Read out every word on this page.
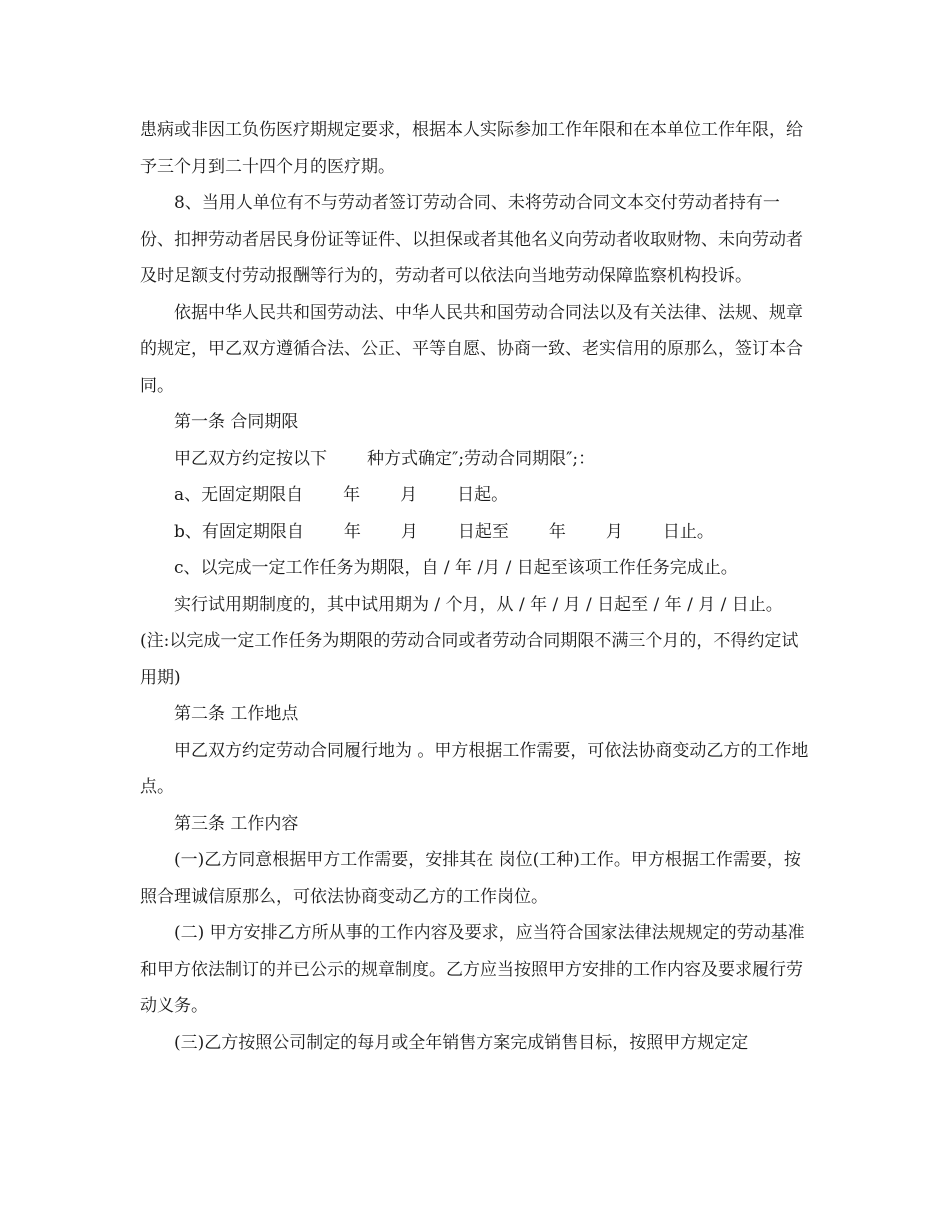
患病或非因工负伤医疗期规定要求，根据本人实际参加工作年限和在本单位工作年限，给予三个月到二十四个月的医疗期。

8、当用人单位有不与劳动者签订劳动合同、未将劳动合同文本交付劳动者持有一份、扣押劳动者居民身份证等证件、以担保或者其他名义向劳动者收取财物、未向劳动者及时足额支付劳动报酬等行为的，劳动者可以依法向当地劳动保障监察机构投诉。

依据中华人民共和国劳动法、中华人民共和国劳动合同法以及有关法律、法规、规章的规定，甲乙双方遵循合法、公正、平等自愿、协商一致、老实信用的原那么，签订本合同。

第一条 合同期限

甲乙双方约定按以下 种方式确定″;劳动合同期限″;：

a、无固定期限自 年 月 日起。

b、有固定期限自 年 月 日起至 年 月 日止。

c、以完成一定工作任务为期限，自 / 年 /月 / 日起至该项工作任务完成止。

实行试用期制度的，其中试用期为 / 个月，从 / 年 / 月 / 日起至 / 年 / 月 / 日止。(注:以完成一定工作任务为期限的劳动合同或者劳动合同期限不满三个月的，不得约定试用期)

第二条 工作地点

甲乙双方约定劳动合同履行地为 。甲方根据工作需要，可依法协商变动乙方的工作地点。

第三条 工作内容

(一)乙方同意根据甲方工作需要，安排其在 岗位(工种)工作。甲方根据工作需要，按照合理诚信原那么，可依法协商变动乙方的工作岗位。

(二) 甲方安排乙方所从事的工作内容及要求，应当符合国家法律法规规定的劳动基准和甲方依法制订的并已公示的规章制度。乙方应当按照甲方安排的工作内容及要求履行劳动义务。

(三)乙方按照公司制定的每月或全年销售方案完成销售目标，按照甲方规定定
